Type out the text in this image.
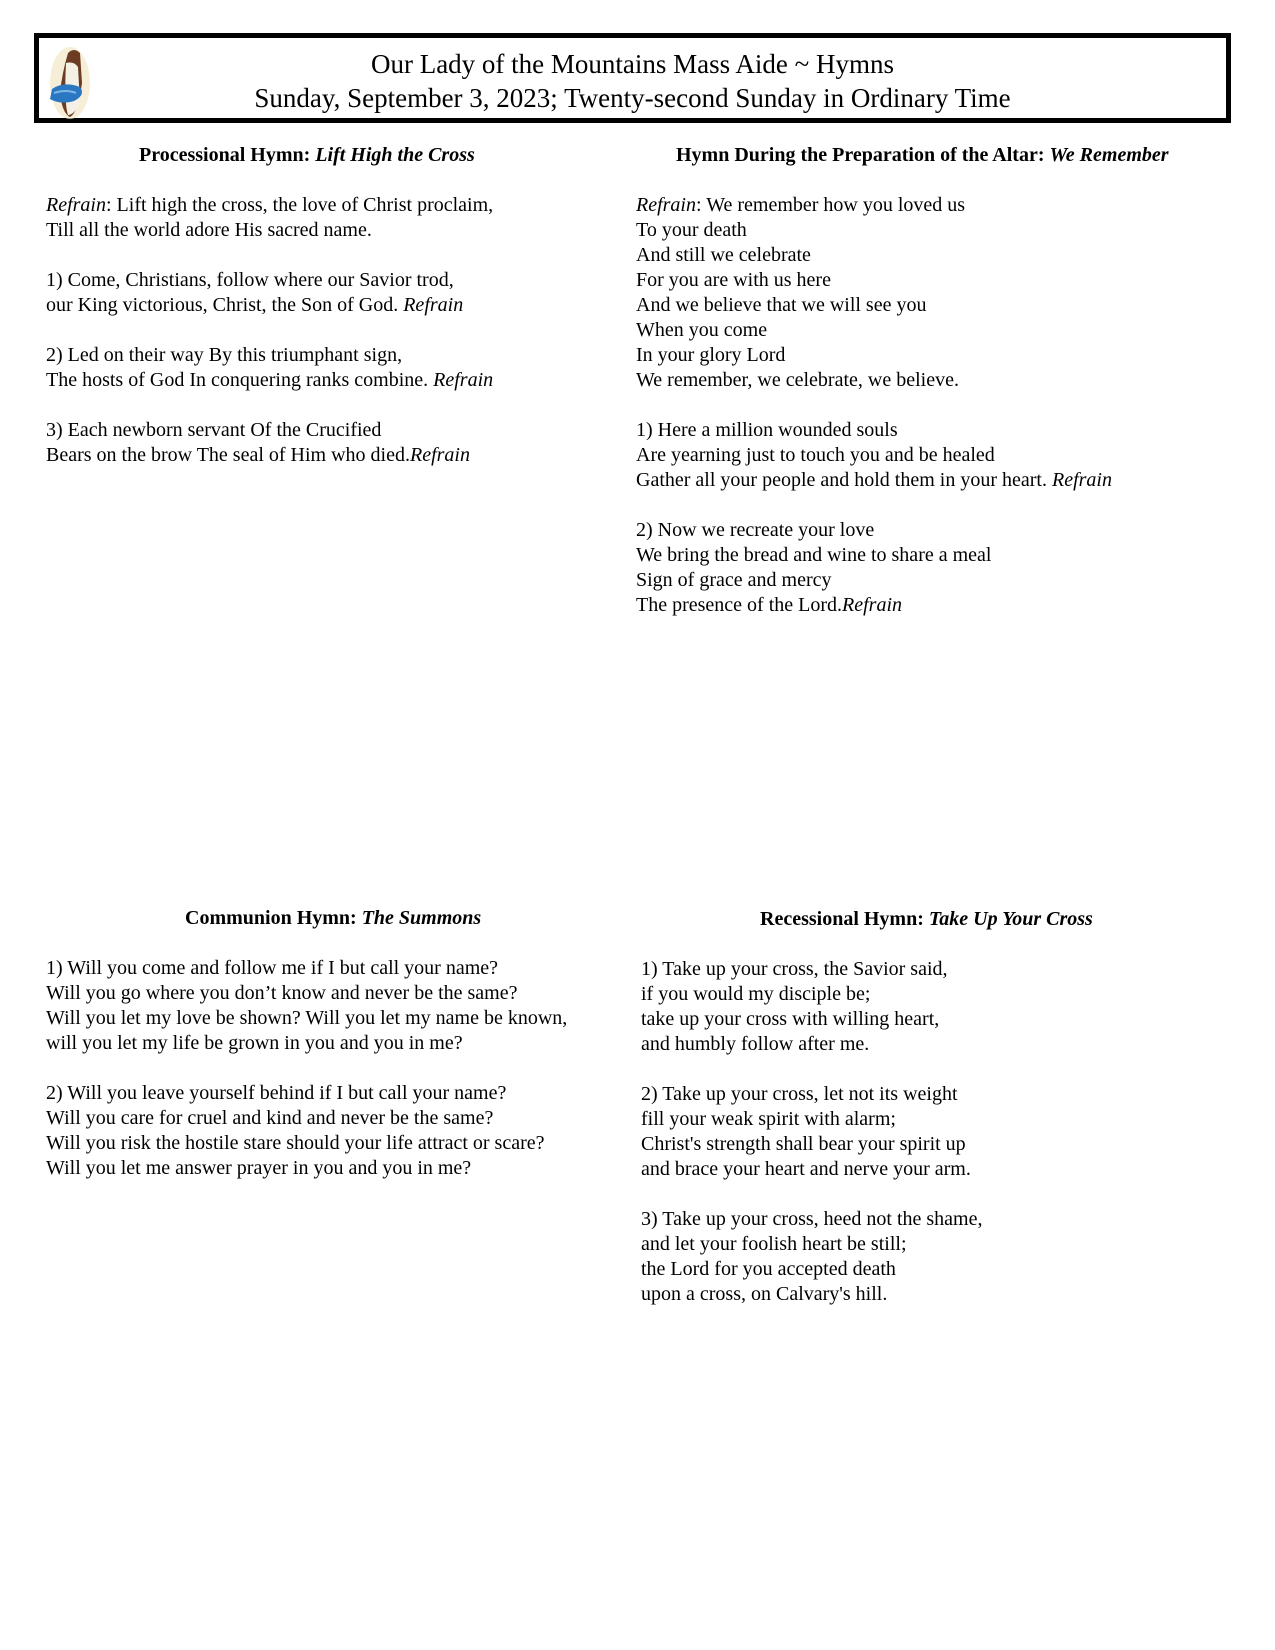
Our Lady of the Mountains Mass Aide ~ Hymns
Sunday, September 3, 2023; Twenty-second Sunday in Ordinary Time
Processional Hymn: Lift High the Cross
Refrain: Lift high the cross, the love of Christ proclaim,
Till all the world adore His sacred name.
1) Come, Christians, follow where our Savior trod,
our King victorious, Christ, the Son of God. Refrain
2) Led on their way By this triumphant sign,
The hosts of God In conquering ranks combine. Refrain
3) Each newborn servant Of the Crucified
Bears on the brow The seal of Him who died.Refrain
Hymn During the Preparation of the Altar: We Remember
Refrain: We remember how you loved us
To your death
And still we celebrate
For you are with us here
And we believe that we will see you
When you come
In your glory Lord
We remember, we celebrate, we believe.
1) Here a million wounded souls
Are yearning just to touch you and be healed
Gather all your people and hold them in your heart. Refrain
2) Now we recreate your love
We bring the bread and wine to share a meal
Sign of grace and mercy
The presence of the Lord.Refrain
Communion Hymn: The Summons
1) Will you come and follow me if I but call your name?
Will you go where you don’t know and never be the same?
Will you let my love be shown? Will you let my name be known,
will you let my life be grown in you and you in me?
2) Will you leave yourself behind if I but call your name?
Will you care for cruel and kind and never be the same?
Will you risk the hostile stare should your life attract or scare?
Will you let me answer prayer in you and you in me?
Recessional Hymn: Take Up Your Cross
1) Take up your cross, the Savior said,
if you would my disciple be;
take up your cross with willing heart,
and humbly follow after me.
2) Take up your cross, let not its weight
fill your weak spirit with alarm;
Christ's strength shall bear your spirit up
and brace your heart and nerve your arm.
3) Take up your cross, heed not the shame,
and let your foolish heart be still;
the Lord for you accepted death
upon a cross, on Calvary's hill.
